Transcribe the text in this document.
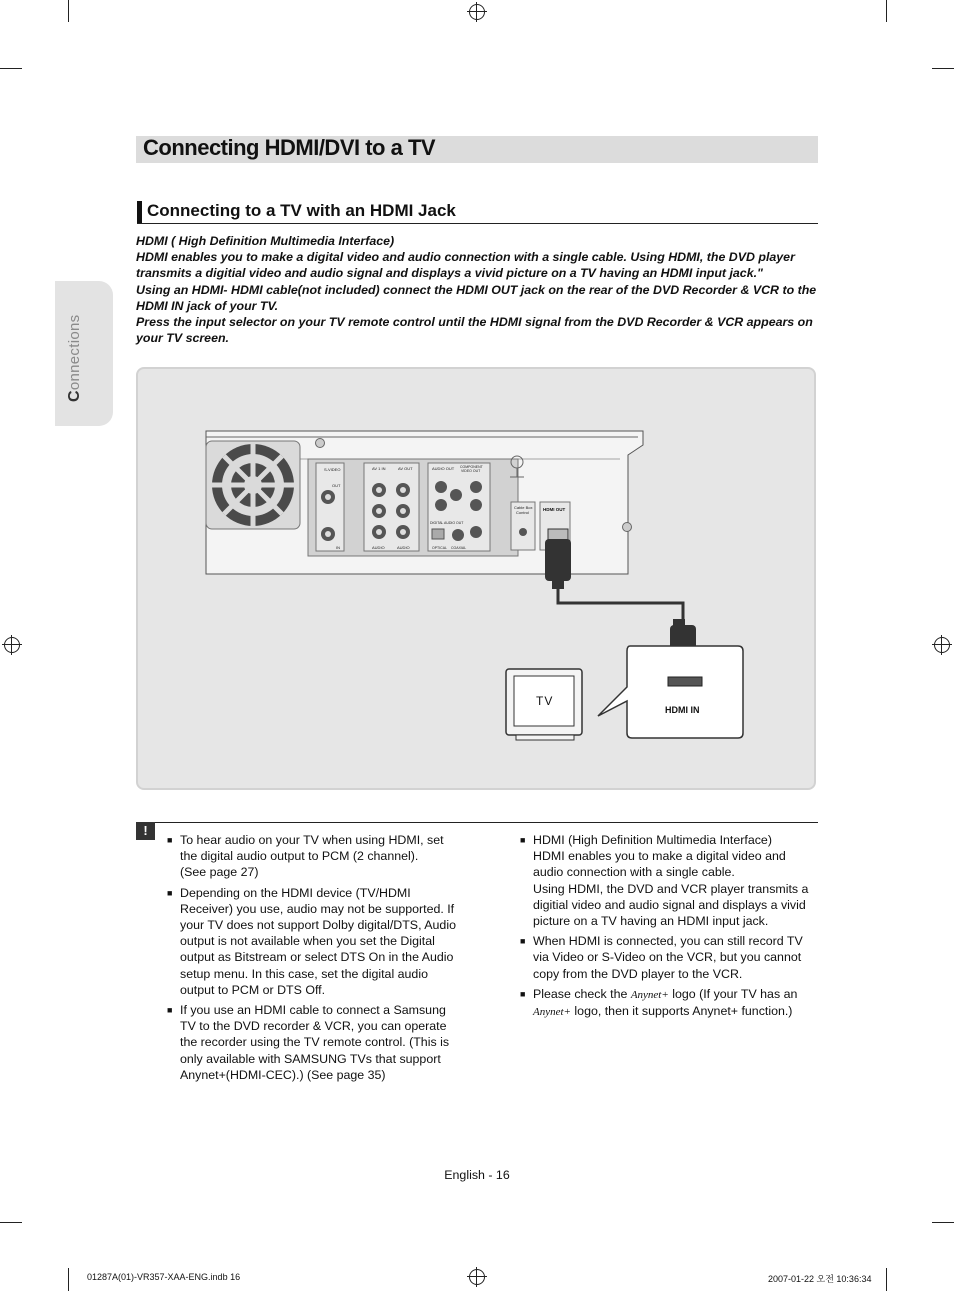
Connections
Connecting HDMI/DVI to a TV
Connecting to a TV with an HDMI Jack

HDMI ( High Definition Multimedia Interface)

HDMI enables you to make a digital video and audio connection with a single cable. Using HDMI, the DVD player transmits a digitial video and audio signal and displays a vivid picture on a TV having an HDMI input jack."

Using an HDMI- HDMI cable(not included) connect the HDMI OUT jack on the rear of the DVD Recorder & VCR to the HDMI IN jack of your TV.

Press the input selector on your TV remote control until the HDMI signal from the DVD Recorder & VCR appears on your TV screen.

S-VIDEO
OUT
IN
AV 1 IN	AV OUT
AUDIO	AUDIO
AUDIO OUT COMPONENT
VIDEO OUT
DIGITAL AUDIO OUT
OPTICAL COAXIAL
Cable Box
Control
HDMI OUT
TV
HDMI IN
!
■ To hear audio on your TV when using HDMI, set the digital audio output to PCM (2 channel).
(See page 27)
■ Depending on the HDMI device (TV/HDMI Receiver) you use, audio may not be supported. If your TV does not support Dolby digital/DTS, Audio output is not available when you set the Digital output as Bitstream or select DTS On in the Audio setup menu. In this case, set the digital audio output to PCM or DTS Off.
■ If you use an HDMI cable to connect a Samsung TV to the DVD recorder & VCR, you can operate the recorder using the TV remote control. (This is only available with SAMSUNG TVs that support Anynet+(HDMI-CEC).) (See page 35)
■ HDMI (High Definition Multimedia Interface)
HDMI enables you to make a digital video and audio connection with a single cable.
Using HDMI, the DVD and VCR player transmits a digitial video and audio signal and displays a vivid picture on a TV having an HDMI input jack.
■ When HDMI is connected, you can still record TV via Video or S-Video on the VCR, but you cannot copy from the DVD player to the VCR.
■ Please check the Anynet+ logo (If your TV has an Anynet+ logo, then it supports Anynet+ function.)
English - 16
01287A(01)-VR357-XAA-ENG.indb 16	2007-01-22 오전 10:36:34
